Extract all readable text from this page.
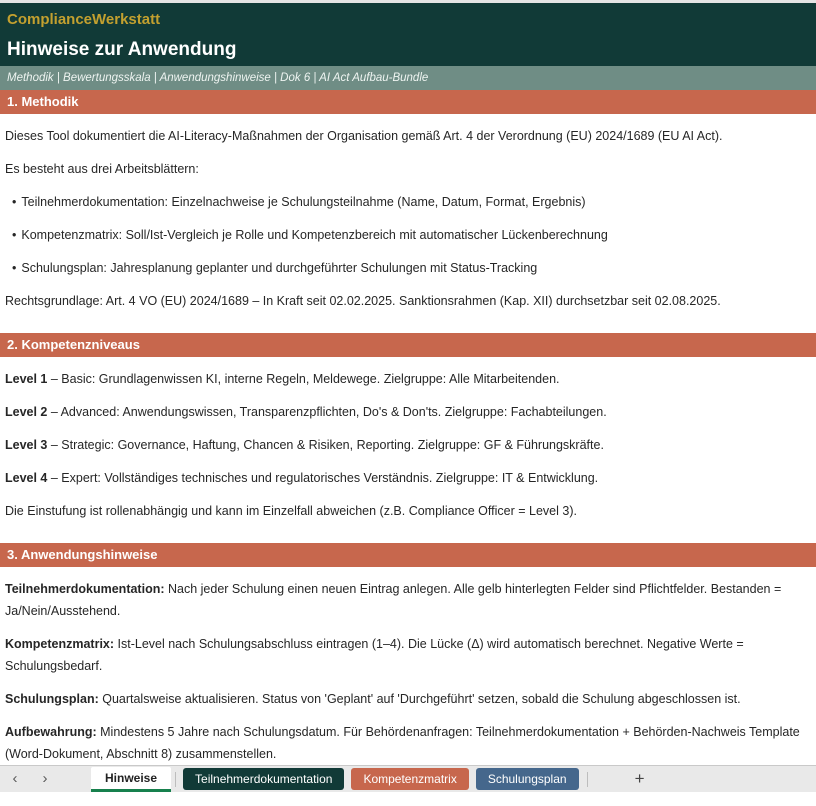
ComplianceWerkstatt
Hinweise zur Anwendung
Methodik | Bewertungsskala | Anwendungshinweise | Dok 6 | AI Act Aufbau-Bundle
1. Methodik

Dieses Tool dokumentiert die AI-Literacy-Maßnahmen der Organisation gemäß Art. 4 der Verordnung (EU) 2024/1689 (EU AI Act).

Es besteht aus drei Arbeitsblättern:

• Teilnehmerdokumentation: Einzelnachweise je Schulungsteilnahme (Name, Datum, Format, Ergebnis)

• Kompetenzmatrix: Soll/Ist-Vergleich je Rolle und Kompetenzbereich mit automatischer Lückenberechnung

• Schulungsplan: Jahresplanung geplanter und durchgeführter Schulungen mit Status-Tracking

Rechtsgrundlage: Art. 4 VO (EU) 2024/1689 – In Kraft seit 02.02.2025. Sanktionsrahmen (Kap. XII) durchsetzbar seit 02.08.2025.

2. Kompetenzniveaus

Level 1 – Basic: Grundlagenwissen KI, interne Regeln, Meldewege. Zielgruppe: Alle Mitarbeitenden.

Level 2 – Advanced: Anwendungswissen, Transparenzpflichten, Do's & Don'ts. Zielgruppe: Fachabteilungen.

Level 3 – Strategic: Governance, Haftung, Chancen & Risiken, Reporting. Zielgruppe: GF & Führungskräfte.

Level 4 – Expert: Vollständiges technisches und regulatorisches Verständnis. Zielgruppe: IT & Entwicklung.

Die Einstufung ist rollenabhängig und kann im Einzelfall abweichen (z.B. Compliance Officer = Level 3).

3. Anwendungshinweise

Teilnehmerdokumentation: Nach jeder Schulung einen neuen Eintrag anlegen. Alle gelb hinterlegten Felder sind Pflichtfelder. Bestanden = Ja/Nein/Ausstehend.

Kompetenzmatrix: Ist-Level nach Schulungsabschluss eintragen (1–4). Die Lücke (Δ) wird automatisch berechnet. Negative Werte = Schulungsbedarf.

Schulungsplan: Quartalsweise aktualisieren. Status von 'Geplant' auf 'Durchgeführt' setzen, sobald die Schulung abgeschlossen ist.

Aufbewahrung: Mindestens 5 Jahre nach Schulungsdatum. Für Behördenanfragen: Teilnehmerdokumentation + Behörden-Nachweis Template (Word-Dokument, Abschnitt 8) zusammenstellen.

‹	›	Hinweise	Teilnehmerdokumentation	Kompetenzmatrix	Schulungsplan	+
